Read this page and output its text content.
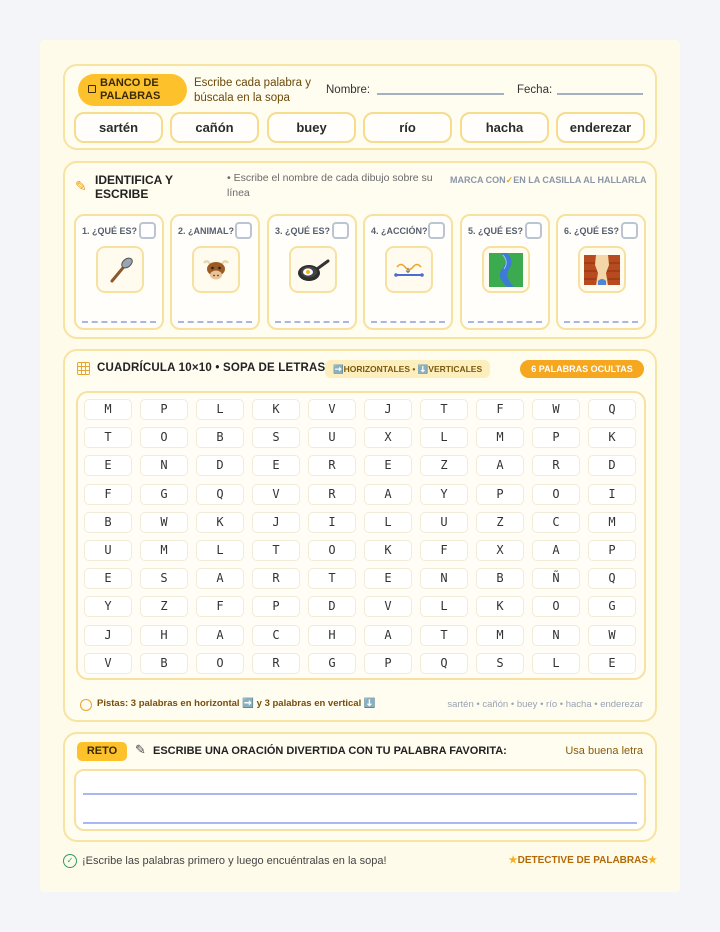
BANCO DE PALABRAS
Escribe cada palabra y búscala en la sopa
Nombre:	Fecha:
sartén	cañón	buey	río	hacha	enderezar
✎ IDENTIFICA Y ESCRIBE
• Escribe el nombre de cada dibujo sobre su línea
MARCA CON✓EN LA CASILLA AL HALLARLA
1. ¿QUÉ ES?	2. ¿ANIMAL?	3. ¿QUÉ ES?	4. ¿ACCIÓN?	5. ¿QUÉ ES?	6. ¿QUÉ ES?
CUADRÍCULA 10×10 • SOPA DE LETRAS ➡️HORIZONTALES • ⬇️VERTICALES	6 PALABRAS OCULTAS
M	P	L	K	V	J	T	F	W	Q
T	O	B	S	U	X	L	M	P	K
E	N	D	E	R	E	Z	A	R	D
F	G	Q	V	R	A	Y	P	O	I
B	W	K	J	I	L	U	Z	C	M
U	M	L	T	O	K	F	X	A	P
E	S	A	R	T	E	N	B	Ñ	Q
Y	Z	F	P	D	V	L	K	O	G
J	H	A	C	H	A	T	M	N	W
V	B	O	R	G	P	Q	S	L	E
Pistas: 3 palabras en horizontal ➡️ y 3 palabras en vertical ⬇️	sartén • cañón • buey • río • hacha • enderezar
RETO	✎ ESCRIBE UNA ORACIÓN DIVERTIDA CON TU PALABRA FAVORITA:	Usa buena letra
✓ ¡Escribe las palabras primero y luego encuéntralas en la sopa!	★DETECTIVE DE PALABRAS★
